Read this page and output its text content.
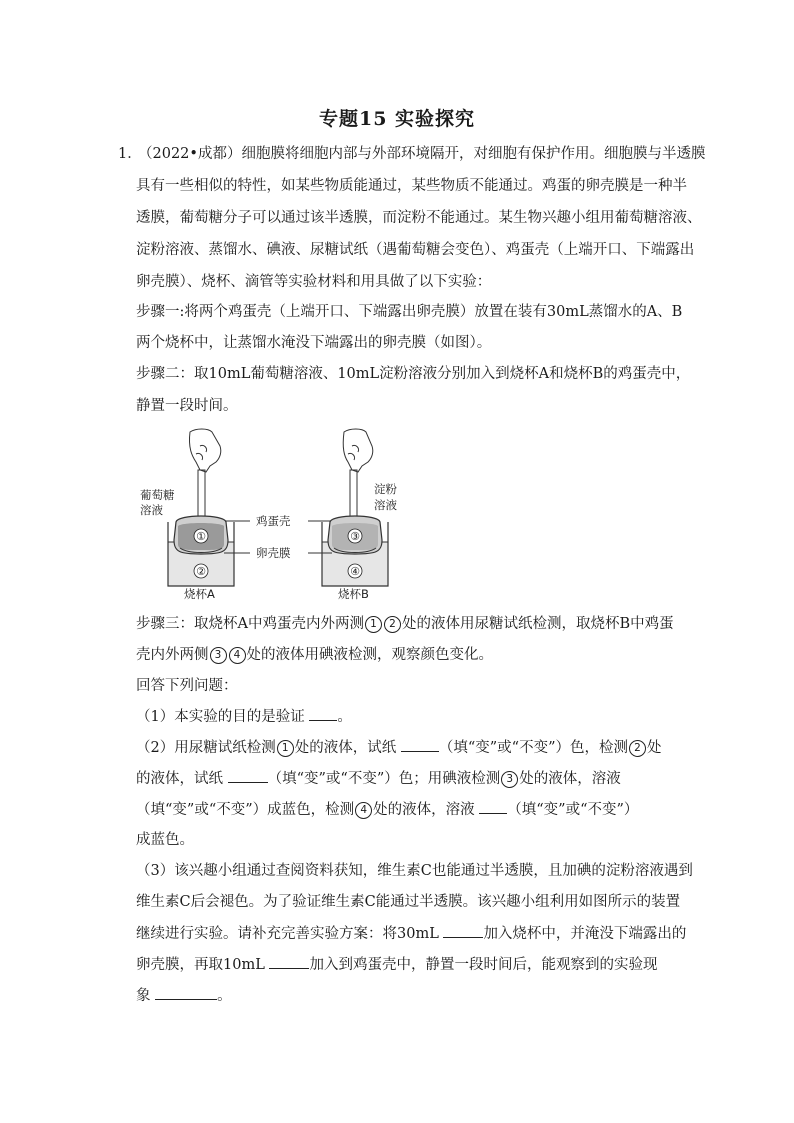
专题15 实验探究
1．
（2022•成都）细胞膜将细胞内部与外部环境隔开，对细胞有保护作用。细胞膜与半透膜
具有一些相似的特性，如某些物质能通过，某些物质不能通过。鸡蛋的卵壳膜是一种半
透膜，葡萄糖分子可以通过该半透膜，而淀粉不能通过。某生物兴趣小组用葡萄糖溶液、
淀粉溶液、蒸馏水、碘液、尿糖试纸（遇葡萄糖会变色）、鸡蛋壳（上端开口、下端露出
卵壳膜）、烧杯、滴管等实验材料和用具做了以下实验：
步骤一:将两个鸡蛋壳（上端开口、下端露出卵壳膜）放置在装有30mL蒸馏水的A、B
两个烧杯中，让蒸馏水淹没下端露出的卵壳膜（如图）。
步骤二：取10mL葡萄糖溶液、10mL淀粉溶液分别加入到烧杯A和烧杯B的鸡蛋壳中，
静置一段时间。
①
②
③
④
葡萄糖
溶液
淀粉
溶液
鸡蛋壳
卵壳膜
烧杯A	烧杯B
步骤三：取烧杯A中鸡蛋壳内外两测 1 2 处的液体用尿糖试纸检测，取烧杯B中鸡蛋
壳内外两侧 3 4 处的液体用碘液检测，观察颜色变化。
回答下列问题：
（1）本实验的目的是验证 。
（2）用尿糖试纸检测 1 处的液体，试纸	（填“变”或“不变”）色，检测 2 处
的液体，试纸	（填“变”或“不变”）色；用碘液检测 3 处的液体，溶液
（填“变”或“不变”）成蓝色，检测 4 处的液体，溶液 （填“变”或“不变”）
成蓝色。
（3）该兴趣小组通过查阅资料获知，维生素C也能通过半透膜，且加碘的淀粉溶液遇到
维生素C后会褪色。为了验证维生素C能通过半透膜。该兴趣小组利用如图所示的装置
继续进行实验。请补充完善实验方案：将30mL	加入烧杯中，并淹没下端露出的
卵壳膜，再取10mL	加入到鸡蛋壳中，静置一段时间后，能观察到的实验现
象	。
